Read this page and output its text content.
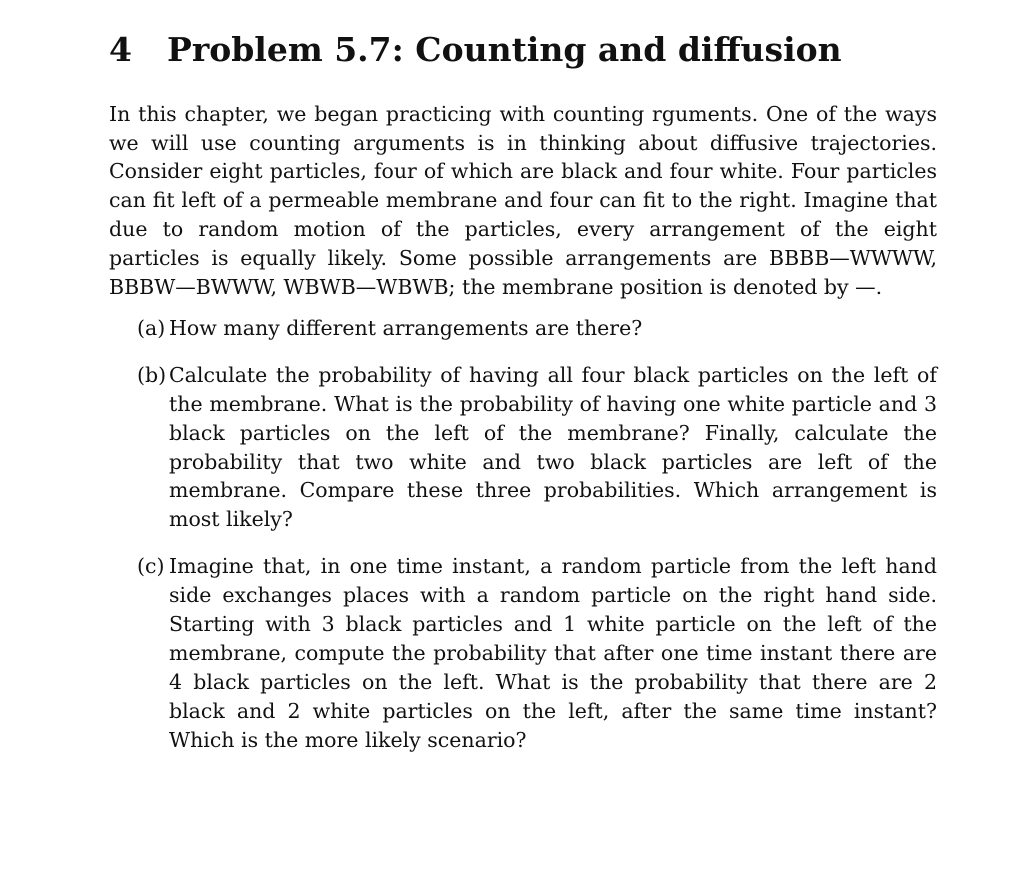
4	Problem 5.7: Counting and diffusion

In this chapter, we began practicing with counting rguments. One of the ways we will use counting arguments is in thinking about diffusive trajectories. Consider eight particles, four of which are black and four white. Four particles can fit left of a permeable membrane and four can fit to the right. Imagine that due to random motion of the particles, every arrangement of the eight particles is equally likely. Some possible arrangements are BBBB—WWWW, BBBW—BWWW, WBWB—WBWB; the membrane position is denoted by —.

(a) How many different arrangements are there?
(b) Calculate the probability of having all four black particles on the left of the membrane. What is the probability of having one white particle and 3 black particles on the left of the membrane? Finally, calculate the probability that two white and two black particles are left of the membrane. Compare these three probabilities. Which arrangement is most likely?
(c) Imagine that, in one time instant, a random particle from the left hand side exchanges places with a random particle on the right hand side. Starting with 3 black particles and 1 white particle on the left of the membrane, compute the probability that after one time instant there are 4 black particles on the left. What is the probability that there are 2 black and 2 white particles on the left, after the same time instant? Which is the more likely scenario?
